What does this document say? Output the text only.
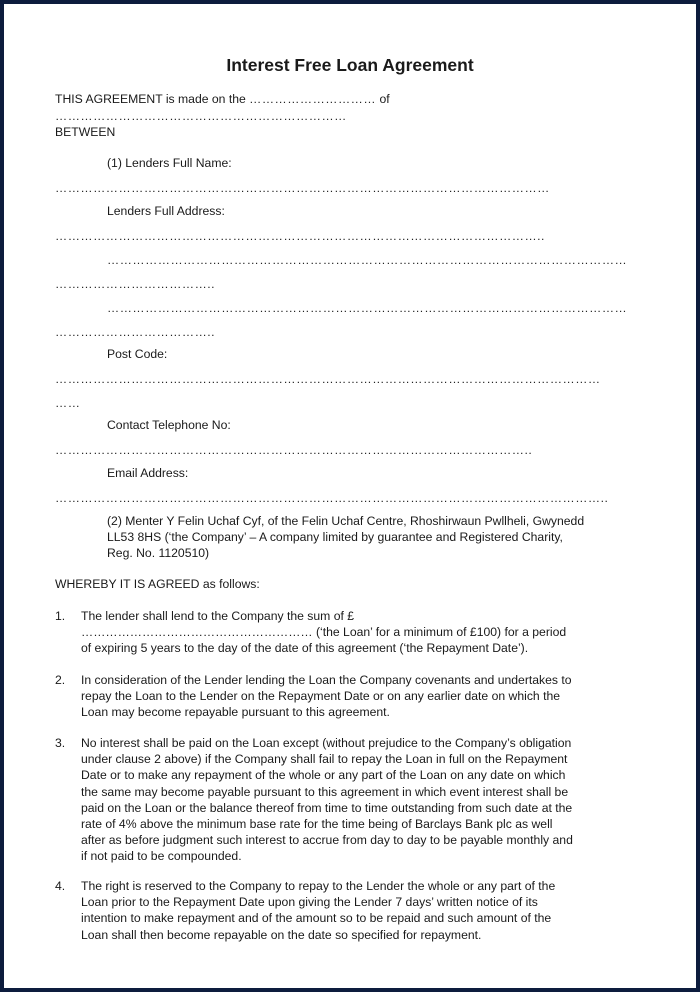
Interest Free Loan Agreement
THIS AGREEMENT is made on the ………………………… of
……………………………………………………………
BETWEEN
(1) Lenders Full Name:
………………………………………………………………………………………………………
Lenders Full Address:
……………………………………………………………………………………………………..
……………………………………………………………………………………………………………
………………………………..
……………………………………………………………………………………………………………
………………………………..
Post Code:
…………………………………………………………………………………………………………………
……
Contact Telephone No:
…………………………………………………………………………………………………..
Email Address:
…………………………………………………………………………………………………………………..
(2) Menter Y Felin Uchaf Cyf, of the Felin Uchaf Centre, Rhoshirwaun Pwllheli, Gwynedd
LL53 8HS (‘the Company’ – A company limited by guarantee and Registered Charity,
Reg. No. 1120510)
WHEREBY IT IS AGREED as follows:
1. The lender shall lend to the Company the sum of £
………………………………………………… (‘the Loan’ for a minimum of £100) for a period
of expiring 5 years to the day of the date of this agreement (‘the Repayment Date’).
2. In consideration of the Lender lending the Loan the Company covenants and undertakes to
repay the Loan to the Lender on the Repayment Date or on any earlier date on which the
Loan may become repayable pursuant to this agreement.
3. No interest shall be paid on the Loan except (without prejudice to the Company’s obligation
under clause 2 above) if the Company shall fail to repay the Loan in full on the Repayment
Date or to make any repayment of the whole or any part of the Loan on any date on which
the same may become payable pursuant to this agreement in which event interest shall be
paid on the Loan or the balance thereof from time to time outstanding from such date at the
rate of 4% above the minimum base rate for the time being of Barclays Bank plc as well
after as before judgment such interest to accrue from day to day to be payable monthly and
if not paid to be compounded.
4. The right is reserved to the Company to repay to the Lender the whole or any part of the
Loan prior to the Repayment Date upon giving the Lender 7 days’ written notice of its
intention to make repayment and of the amount so to be repaid and such amount of the
Loan shall then become repayable on the date so specified for repayment.
